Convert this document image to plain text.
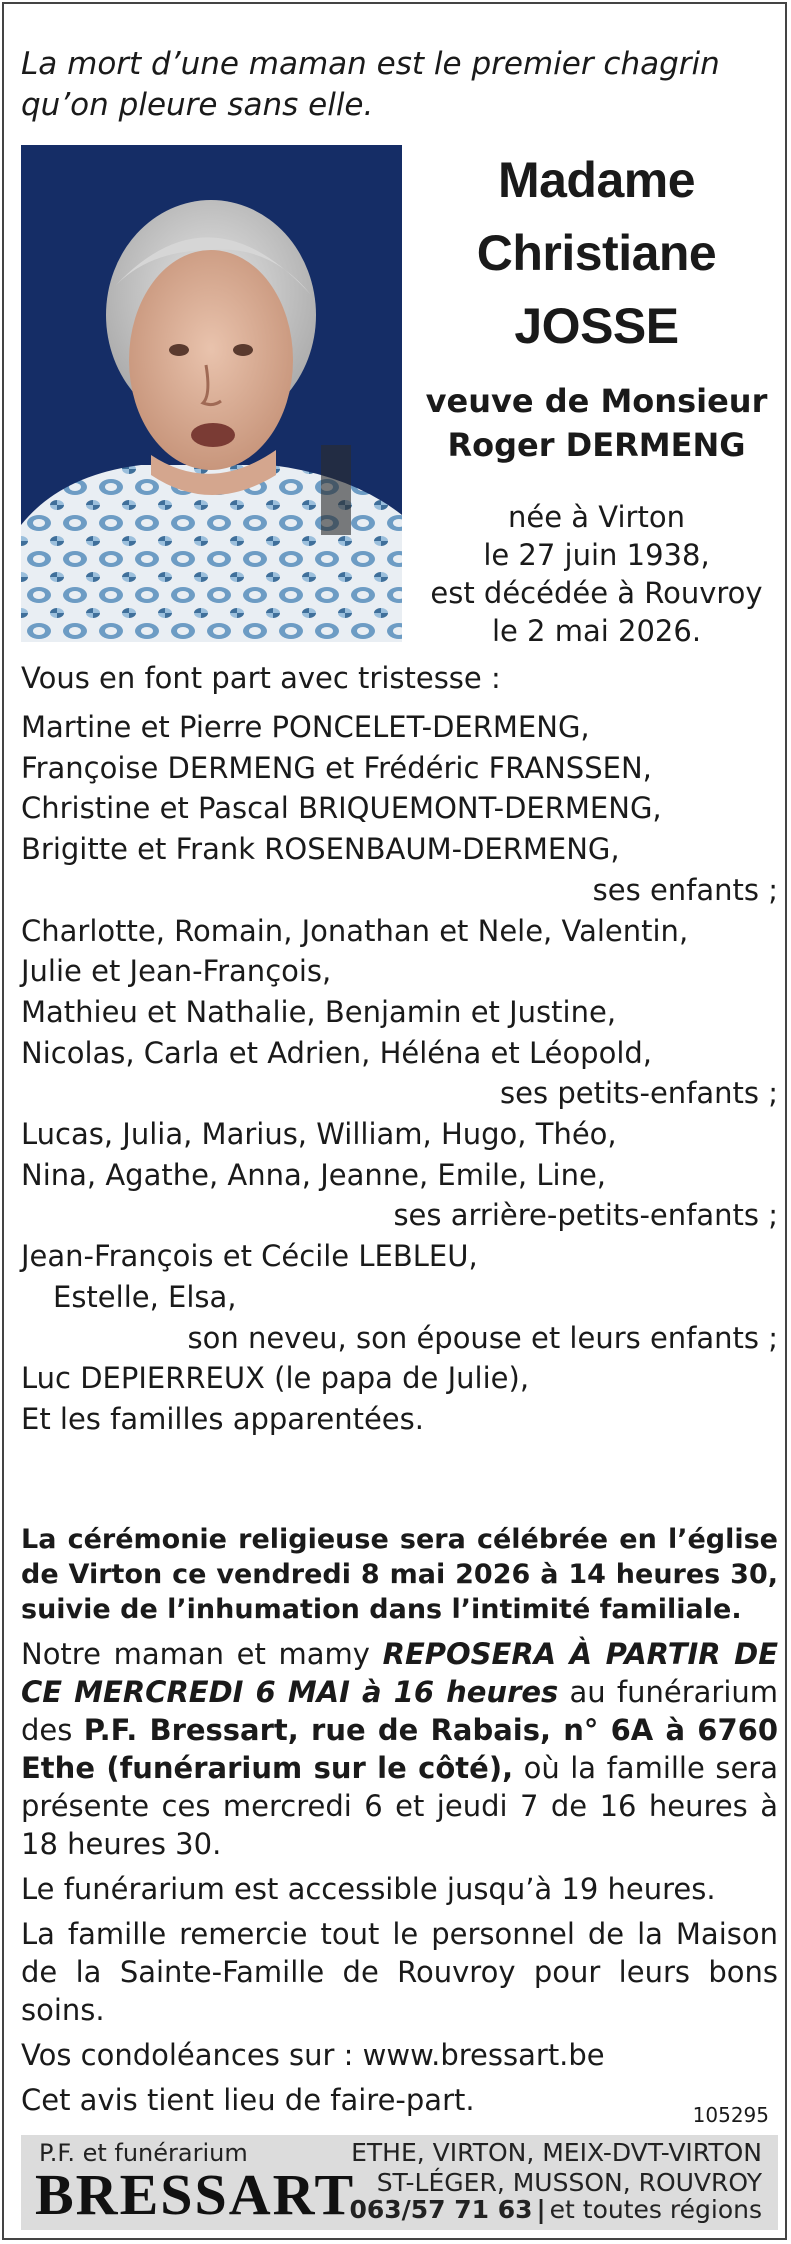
La mort d’une maman est le premier chagrin
qu’on pleure sans elle.
Madame
Christiane
JOSSE
veuve de Monsieur
Roger DERMENG
née à Virton
le 27 juin 1938,
est décédée à Rouvroy
le 2 mai 2026.
Vous en font part avec tristesse :
Martine et Pierre PONCELET-DERMENG,
Françoise DERMENG et Frédéric FRANSSEN,
Christine et Pascal BRIQUEMONT-DERMENG,
Brigitte et Frank ROSENBAUM-DERMENG,
ses enfants ;
Charlotte, Romain, Jonathan et Nele, Valentin,
Julie et Jean-François,
Mathieu et Nathalie, Benjamin et Justine,
Nicolas, Carla et Adrien, Héléna et Léopold,
ses petits-enfants ;
Lucas, Julia, Marius, William, Hugo, Théo,
Nina, Agathe, Anna, Jeanne, Emile, Line,
ses arrière-petits-enfants ;
Jean-François et Cécile LEBLEU,
Estelle, Elsa,
son neveu, son épouse et leurs enfants ;
Luc DEPIERREUX (le papa de Julie),
Et les familles apparentées.
La cérémonie religieuse sera célébrée en l’église de Virton ce vendredi 8 mai 2026 à 14 heures 30, suivie de l’inhumation dans l’intimité familiale.

Notre maman et mamy REPOSERA À PARTIR DE CE MERCREDI 6 MAI à 16 heures au funérarium des P.F. Bressart, rue de Rabais, n° 6A à 6760 Ethe (funérarium sur le côté), où la famille sera présente ces mercredi 6 et jeudi 7 de 16 heures à 18 heures 30.

Le funérarium est accessible jusqu’à 19 heures.

La famille remercie tout le personnel de la Maison de la Sainte-Famille de Rouvroy pour leurs bons soins.

Vos condoléances sur : www.bressart.be

Cet avis tient lieu de faire-part.	105295
P.F. et funérarium
BRESSART
ETHE, VIRTON, MEIX-DVT-VIRTON
ST-LÉGER, MUSSON, ROUVROY
063/57 71 63 | et toutes régions
